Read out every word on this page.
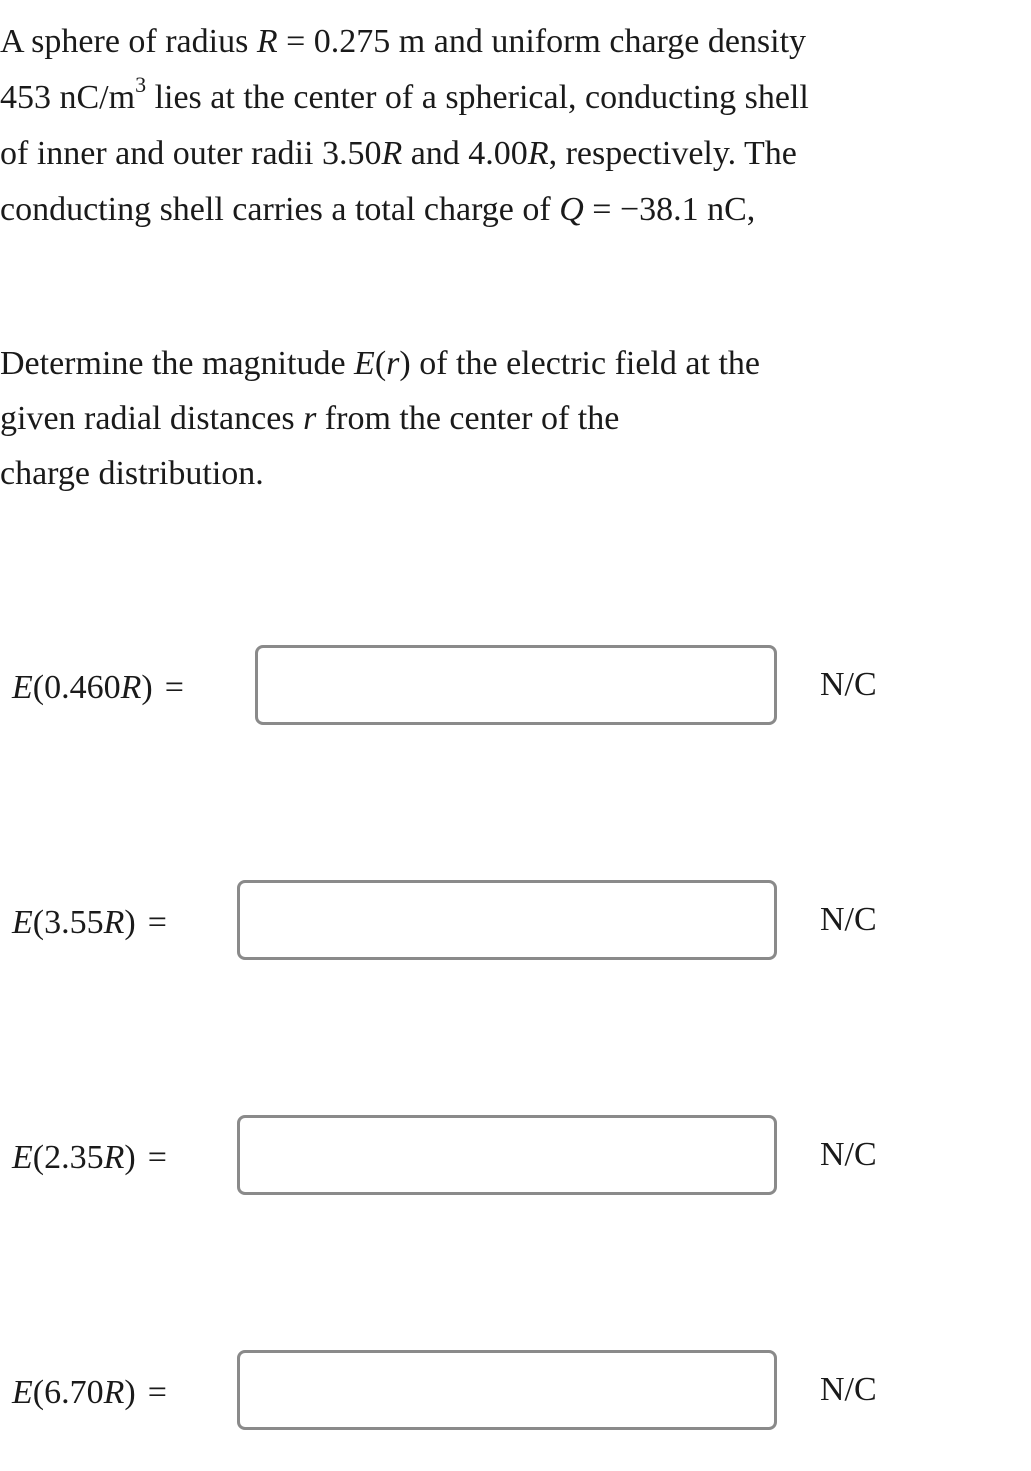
A sphere of radius R = 0.275 m and uniform charge density
453 $nC/m^3$ lies at the center of a spherical, conducting shell
of inner and outer radii 3.50R and 4.00R, respectively. The
conducting shell carries a total charge of Q = −38.1 nC,
Determine the magnitude E(r) of the electric field at the
given radial distances r from the center of the
charge distribution.
E(0.460R) =	N/C
E(3.55R) =	N/C
E(2.35R) =	N/C
E(6.70R) =	N/C
